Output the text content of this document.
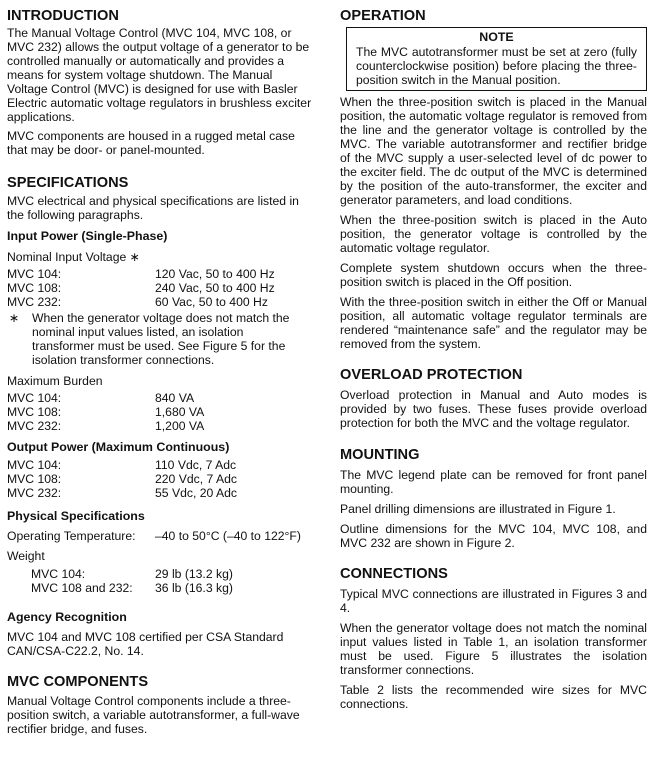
INTRODUCTION

The Manual Voltage Control (MVC 104, MVC 108, or MVC 232) allows the output voltage of a generator to be controlled manually or automatically and provides a means for system voltage shutdown. The Manual Voltage Control (MVC) is designed for use with Basler Electric automatic voltage regulators in brushless exciter applications.

MVC components are housed in a rugged metal case that may be door- or panel-mounted.

SPECIFICATIONS

MVC electrical and physical specifications are listed in the following paragraphs.

Input Power (Single-Phase)

Nominal Input Voltage ∗

MVC 104:	120 Vac, 50 to 400 Hz
MVC 108:	240 Vac, 50 to 400 Hz
MVC 232:	60 Vac, 50 to 400 Hz
∗	When the generator voltage does not match the nominal input values listed, an isolation transformer must be used. See Figure 5 for the isolation transformer connections.

Maximum Burden

MVC 104:	840 VA
MVC 108:	1,680 VA
MVC 232:	1,200 VA
Output Power (Maximum Continuous)
MVC 104:	110 Vdc, 7 Adc
MVC 108:	220 Vdc, 7 Adc
MVC 232:	55 Vdc, 20 Adc
Physical Specifications
Operating Temperature:	–40 to 50°C (–40 to 122°F)

Weight

MVC 104:	29 lb (13.2 kg)
MVC 108 and 232:	36 lb (16.3 kg)
Agency Recognition

MVC 104 and MVC 108 certified per CSA Standard CAN/CSA-C22.2, No. 14.

MVC COMPONENTS

Manual Voltage Control components include a three-position switch, a variable autotransformer, a full-wave rectifier bridge, and fuses.

OPERATION
NOTE

The MVC autotransformer must be set at zero (fully counterclockwise position) before placing the three-position switch in the Manual position.

When the three-position switch is placed in the Manual position, the automatic voltage regulator is removed from the line and the generator voltage is controlled by the MVC. The variable autotransformer and rectifier bridge of the MVC supply a user-selected level of dc power to the exciter field. The dc output of the MVC is determined by the position of the auto-transformer, the exciter and generator parameters, and load conditions.

When the three-position switch is placed in the Auto position, the generator voltage is controlled by the automatic voltage regulator.

Complete system shutdown occurs when the three-position switch is placed in the Off position.

With the three-position switch in either the Off or Manual position, all automatic voltage regulator terminals are rendered “maintenance safe” and the regulator may be removed from the system.

OVERLOAD PROTECTION

Overload protection in Manual and Auto modes is provided by two fuses. These fuses provide overload protection for both the MVC and the voltage regulator.

MOUNTING

The MVC legend plate can be removed for front panel mounting.

Panel drilling dimensions are illustrated in Figure 1.

Outline dimensions for the MVC 104, MVC 108, and MVC 232 are shown in Figure 2.

CONNECTIONS

Typical MVC connections are illustrated in Figures 3 and 4.

When the generator voltage does not match the nominal input values listed in Table 1, an isolation transformer must be used. Figure 5 illustrates the isolation transformer connections.

Table 2 lists the recommended wire sizes for MVC connections.
